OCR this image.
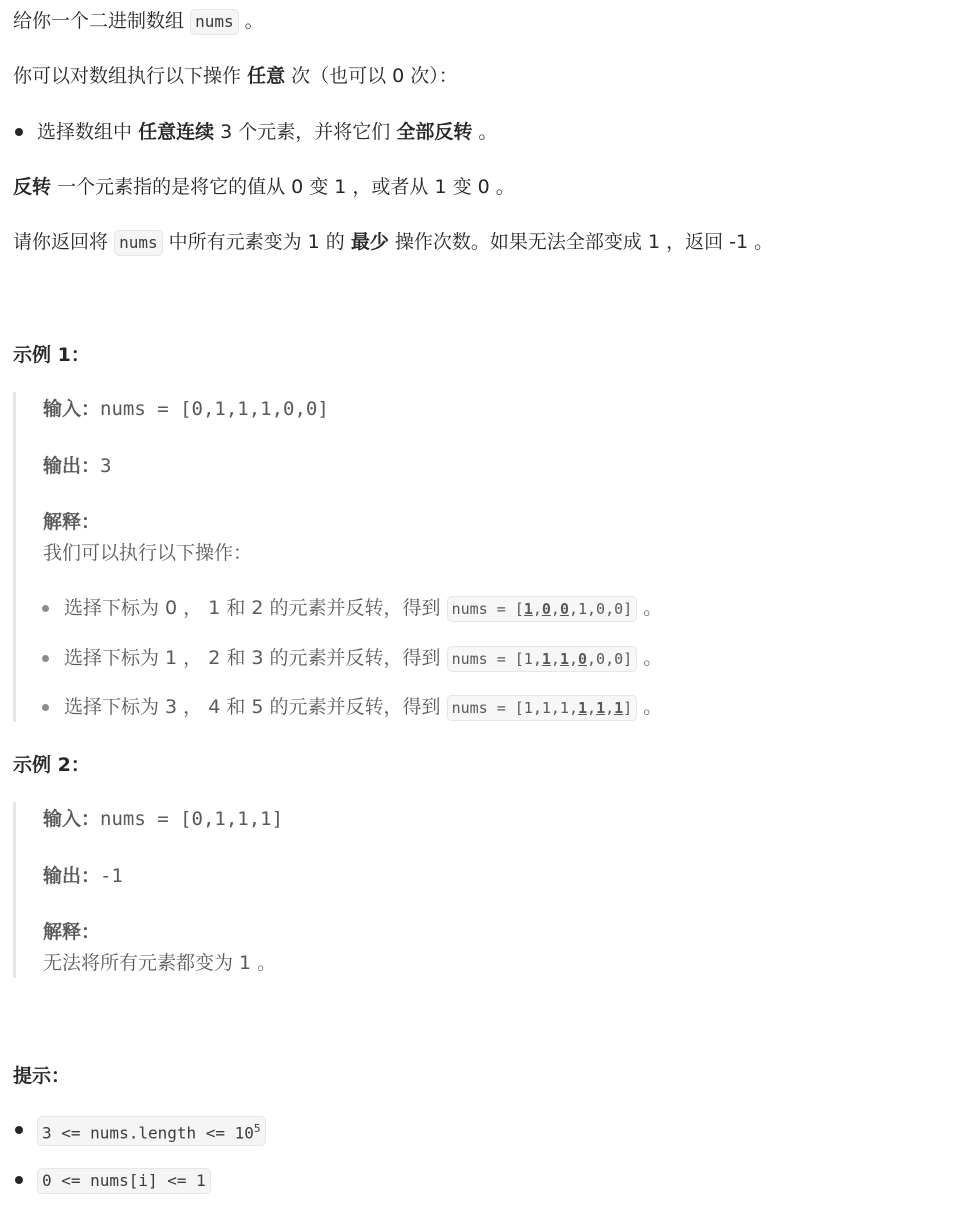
给你一个二进制数组 nums 。
你可以对数组执行以下操作 任意 次（也可以 0 次）：
选择数组中 任意连续 3 个元素，并将它们 全部反转 。
反转 一个元素指的是将它的值从 0 变 1 ，或者从 1 变 0 。
请你返回将 nums 中所有元素变为 1 的 最少 操作次数。如果无法全部变成 1 ，返回 -1 。
示例 1：
输入：nums = [0,1,1,1,0,0]
输出：3
解释：
我们可以执行以下操作：
选择下标为 0 ， 1 和 2 的元素并反转，得到 nums = [1,0,0,1,0,0] 。
选择下标为 1 ， 2 和 3 的元素并反转，得到 nums = [1,1,1,0,0,0] 。
选择下标为 3 ， 4 和 5 的元素并反转，得到 nums = [1,1,1,1,1,1] 。
示例 2：
输入：nums = [0,1,1,1]
输出：-1
解释：
无法将所有元素都变为 1 。
提示：
3 <= nums.length <= $10^5$
0 <= nums[i] <= 1
